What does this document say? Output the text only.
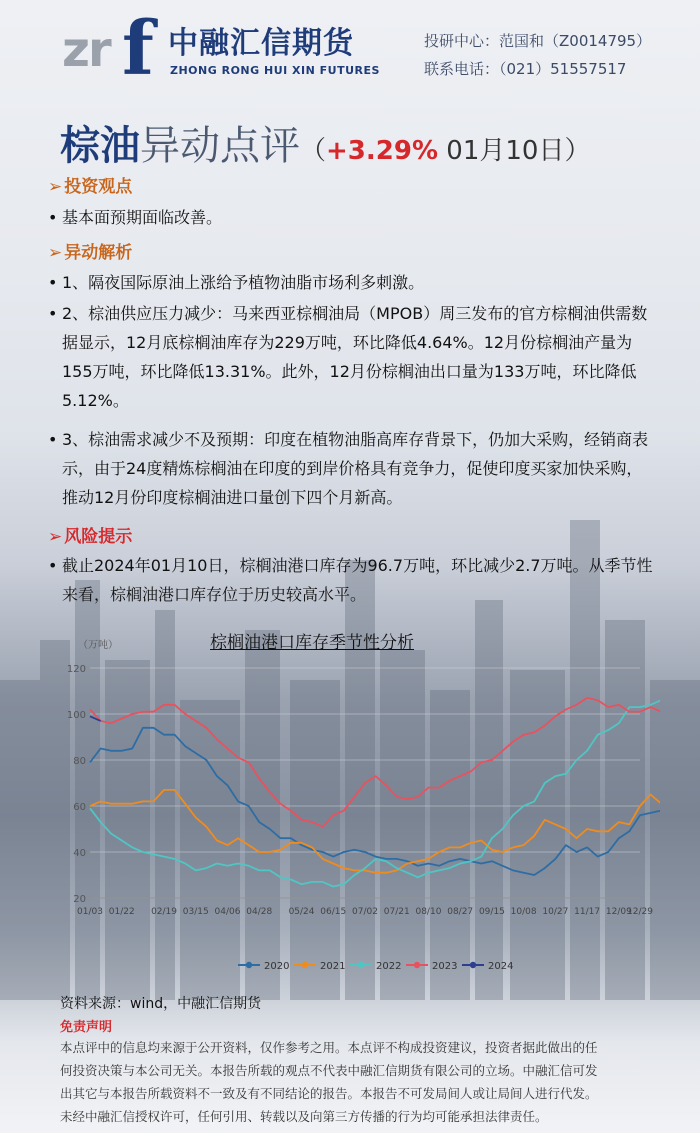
zr f 中融汇信期货
ZHONG RONG HUI XIN FUTURES
投研中心：范国和（Z0014795）
联系电话：（021）51557517
棕油异动点评（+3.29% 01月10日）
➢ 投资观点
• 基本面预期面临改善。
➢ 异动解析
• 1、隔夜国际原油上涨给予植物油脂市场利多刺激。
• 2、棕油供应压力减少：马来西亚棕榈油局（MPOB）周三发布的官方棕榈油供需数据显示，12月底棕榈油库存为229万吨，环比降低4.64%。12月份棕榈油产量为155万吨，环比降低13.31%。此外，12月份棕榈油出口量为133万吨，环比降低5.12%。
• 3、棕油需求减少不及预期：印度在植物油脂高库存背景下，仍加大采购，经销商表示，由于24度精炼棕榈油在印度的到岸价格具有竞争力，促使印度买家加快采购，推动12月份印度棕榈油进口量创下四个月新高。
➢ 风险提示
• 截止2024年01月10日，棕榈油港口库存为96.7万吨，环比减少2.7万吨。从季节性来看，棕榈油港口库存位于历史较高水平。
棕榈油港口库存季节性分析
（万吨）
20
40
60
80
100
120
01/03 01/22 02/19 03/15 04/06 04/28 05/24 06/15 07/02 07/21 08/10 08/27 09/15 10/08 10/27 11/17 12/09
12/29
2020	2021	2022	2023	2024
资料来源：wind，中融汇信期货
免责声明
本点评中的信息均来源于公开资料，仅作参考之用。本点评不构成投资建议，投资者据此做出的任
何投资决策与本公司无关。本报告所载的观点不代表中融汇信期货有限公司的立场。中融汇信可发
出其它与本报告所载资料不一致及有不同结论的报告。本报告不可发局间人或让局间人进行代发。
未经中融汇信授权许可，任何引用、转载以及向第三方传播的行为均可能承担法律责任。
